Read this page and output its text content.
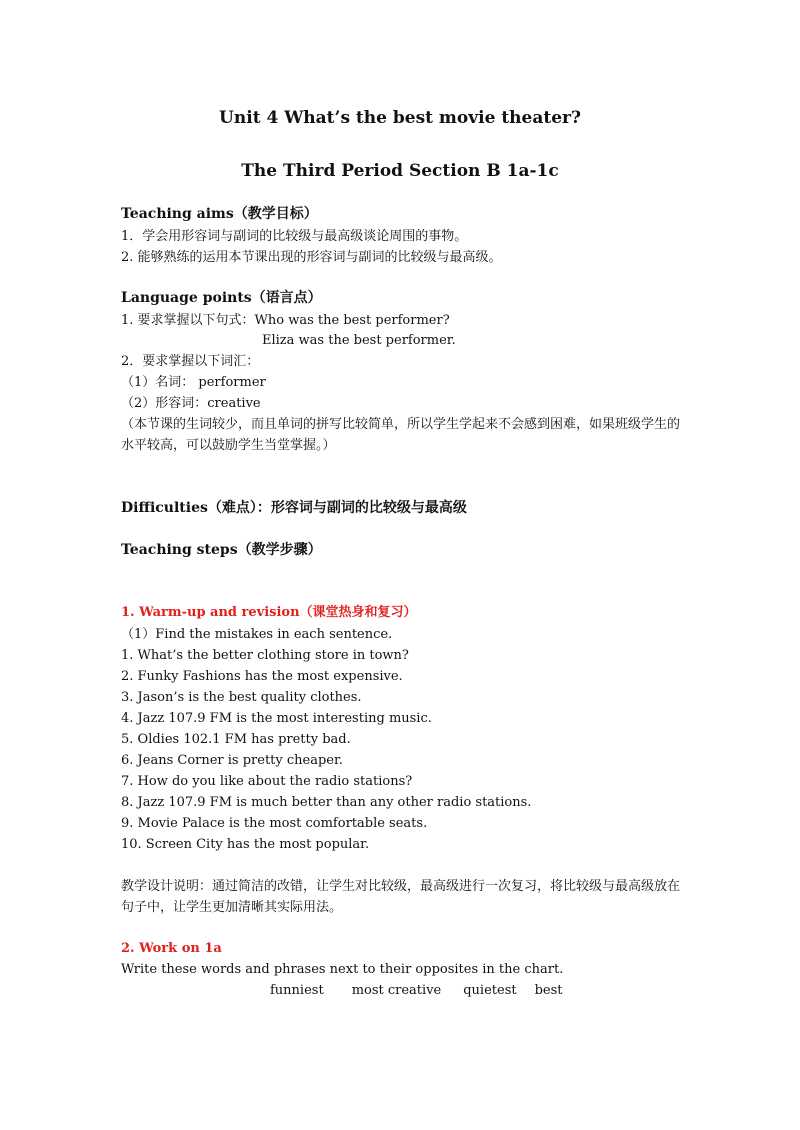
Unit 4 What’s the best movie theater?
The Third Period Section B 1a-1c
Teaching aims（教学目标）
1．学会用形容词与副词的比较级与最高级谈论周围的事物。
2. 能够熟练的运用本节课出现的形容词与副词的比较级与最高级。
Language points（语言点）
1. 要求掌握以下句式：Who was the best performer?
Eliza was the best performer.
2．要求掌握以下词汇：
（1）名词： performer
（2）形容词：creative
（本节课的生词较少，而且单词的拼写比较简单，所以学生学起来不会感到困难，如果班级学生的水平较高，可以鼓励学生当堂掌握。）
Difficulties（难点）：形容词与副词的比较级与最高级
Teaching steps（教学步骤）
1. Warm-up and revision（课堂热身和复习）
（1）Find the mistakes in each sentence.
1. What’s the better clothing store in town?
2. Funky Fashions has the most expensive.
3. Jason’s is the best quality clothes.
4. Jazz 107.9 FM is the most interesting music.
5. Oldies 102.1 FM has pretty bad.
6. Jeans Corner is pretty cheaper.
7. How do you like about the radio stations?
8. Jazz 107.9 FM is much better than any other radio stations.
9. Movie Palace is the most comfortable seats.
10. Screen City has the most popular.
教学设计说明：通过简洁的改错，让学生对比较级，最高级进行一次复习，将比较级与最高级放在句子中，让学生更加清晰其实际用法。
2. Work on 1a
Write these words and phrases next to their opposites in the chart.
funniest most creative quietest best
